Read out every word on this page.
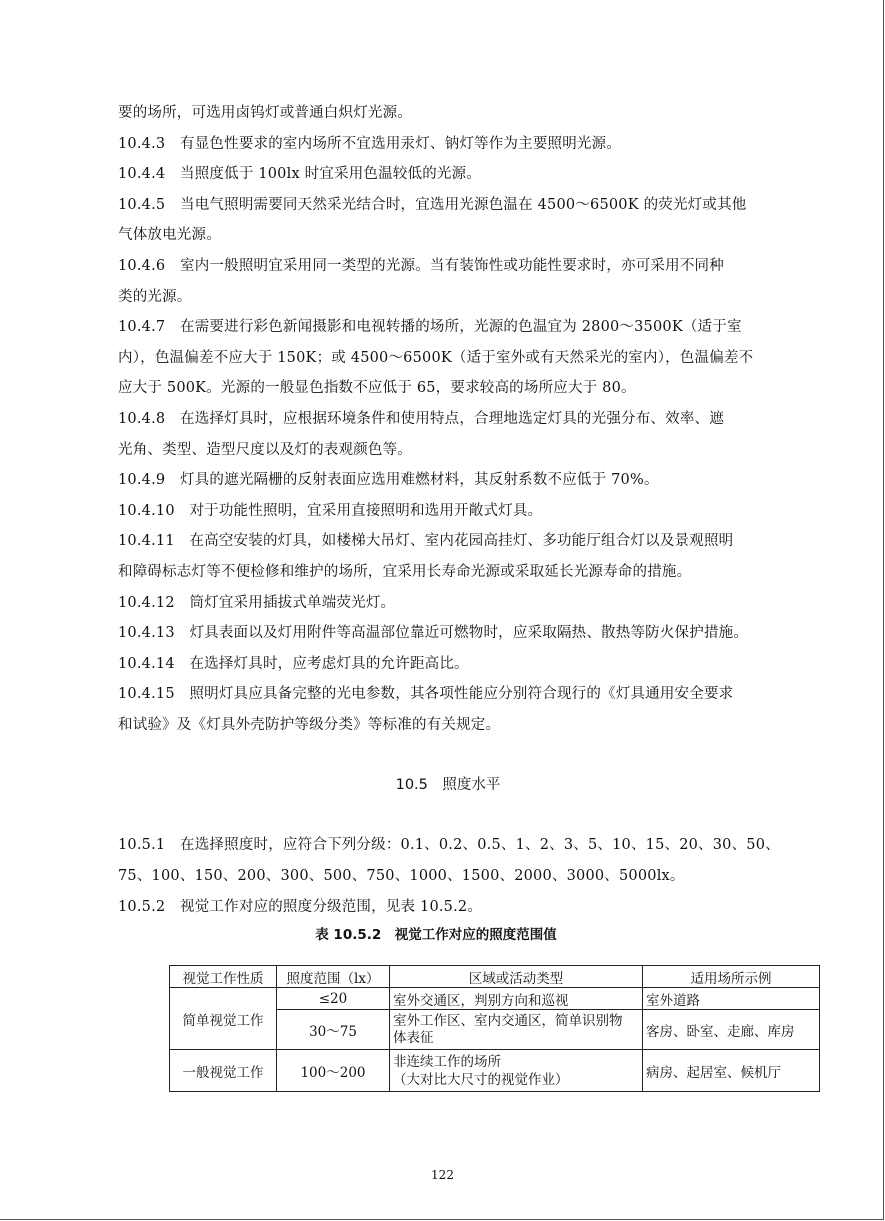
要的场所，可选用卤钨灯或普通白炽灯光源。
10.4.3　有显色性要求的室内场所不宜选用汞灯、钠灯等作为主要照明光源。
10.4.4　当照度低于 100lx 时宜采用色温较低的光源。
10.4.5　当电气照明需要同天然采光结合时，宜选用光源色温在 4500～6500K 的荧光灯或其他
气体放电光源。
10.4.6　室内一般照明宜采用同一类型的光源。当有装饰性或功能性要求时，亦可采用不同种
类的光源。
10.4.7　在需要进行彩色新闻摄影和电视转播的场所，光源的色温宜为 2800～3500K（适于室
内），色温偏差不应大于 150K；或 4500～6500K（适于室外或有天然采光的室内），色温偏差不
应大于 500K。光源的一般显色指数不应低于 65，要求较高的场所应大于 80。
10.4.8　在选择灯具时，应根据环境条件和使用特点，合理地选定灯具的光强分布、效率、遮
光角、类型、造型尺度以及灯的表观颜色等。
10.4.9　灯具的遮光隔栅的反射表面应选用难燃材料，其反射系数不应低于 70%。
10.4.10　对于功能性照明，宜采用直接照明和选用开敞式灯具。
10.4.11　在高空安装的灯具，如楼梯大吊灯、室内花园高挂灯、多功能厅组合灯以及景观照明
和障碍标志灯等不便检修和维护的场所，宜采用长寿命光源或采取延长光源寿命的措施。
10.4.12　筒灯宜采用插拔式单端荧光灯。
10.4.13　灯具表面以及灯用附件等高温部位靠近可燃物时，应采取隔热、散热等防火保护措施。
10.4.14　在选择灯具时，应考虑灯具的允许距高比。
10.4.15　照明灯具应具备完整的光电参数，其各项性能应分别符合现行的《灯具通用安全要求
和试验》及《灯具外壳防护等级分类》等标准的有关规定。
10.5　照度水平
10.5.1　在选择照度时，应符合下列分级：0.1、0.2、0.5、1、2、3、5、10、15、20、30、50、
75、100、150、200、300、500、750、1000、1500、2000、3000、5000lx。
10.5.2　视觉工作对应的照度分级范围，见表 10.5.2。
表 10.5.2　视觉工作对应的照度范围值
视觉工作性质	照度范围（lx）	区域或活动类型	适用场所示例
简单视觉工作	≤20	室外交通区，判别方向和巡视	室外道路
	30～75	室外工作区、室内交通区，简单识别物
体表征	客房、卧室、走廊、库房
一般视觉工作	100～200	非连续工作的场所
（大对比大尺寸的视觉作业）	病房、起居室、候机厅
122
